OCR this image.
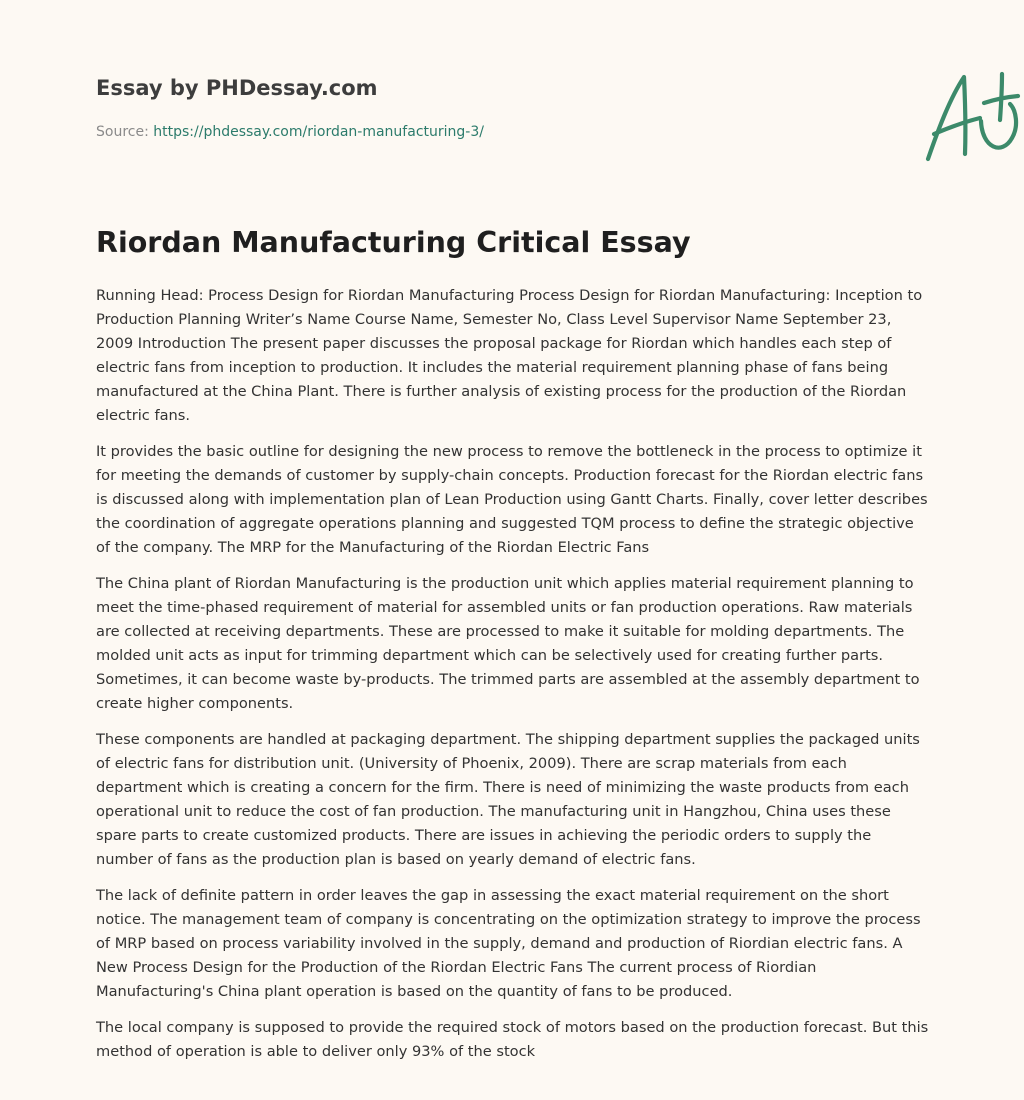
Essay by PHDessay.com
Source: https://phdessay.com/riordan-manufacturing-3/
Riordan Manufacturing Critical Essay

Running Head: Process Design for Riordan Manufacturing Process Design for Riordan Manufacturing: Inception to Production Planning Writer’s Name Course Name, Semester No, Class Level Supervisor Name September 23, 2009 Introduction The present paper discusses the proposal package for Riordan which handles each step of electric fans from inception to production. It includes the material requirement planning phase of fans being manufactured at the China Plant. There is further analysis of existing process for the production of the Riordan electric fans.

It provides the basic outline for designing the new process to remove the bottleneck in the process to optimize it for meeting the demands of customer by supply-chain concepts. Production forecast for the Riordan electric fans is discussed along with implementation plan of Lean Production using Gantt Charts. Finally, cover letter describes the coordination of aggregate operations planning and suggested TQM process to define the strategic objective of the company. The MRP for the Manufacturing of the Riordan Electric Fans

The China plant of Riordan Manufacturing is the production unit which applies material requirement planning to meet the time-phased requirement of material for assembled units or fan production operations. Raw materials are collected at receiving departments. These are processed to make it suitable for molding departments. The molded unit acts as input for trimming department which can be selectively used for creating further parts. Sometimes, it can become waste by-products. The trimmed parts are assembled at the assembly department to create higher components.

These components are handled at packaging department. The shipping department supplies the packaged units of electric fans for distribution unit. (University of Phoenix, 2009). There are scrap materials from each department which is creating a concern for the firm. There is need of minimizing the waste products from each operational unit to reduce the cost of fan production. The manufacturing unit in Hangzhou, China uses these spare parts to create customized products. There are issues in achieving the periodic orders to supply the number of fans as the production plan is based on yearly demand of electric fans.

The lack of definite pattern in order leaves the gap in assessing the exact material requirement on the short notice. The management team of company is concentrating on the optimization strategy to improve the process of MRP based on process variability involved in the supply, demand and production of Riordian electric fans. A New Process Design for the Production of the Riordan Electric Fans The current process of Riordian Manufacturing's China plant operation is based on the quantity of fans to be produced.

The local company is supposed to provide the required stock of motors based on the production forecast. But this method of operation is able to deliver only 93% of the stock
